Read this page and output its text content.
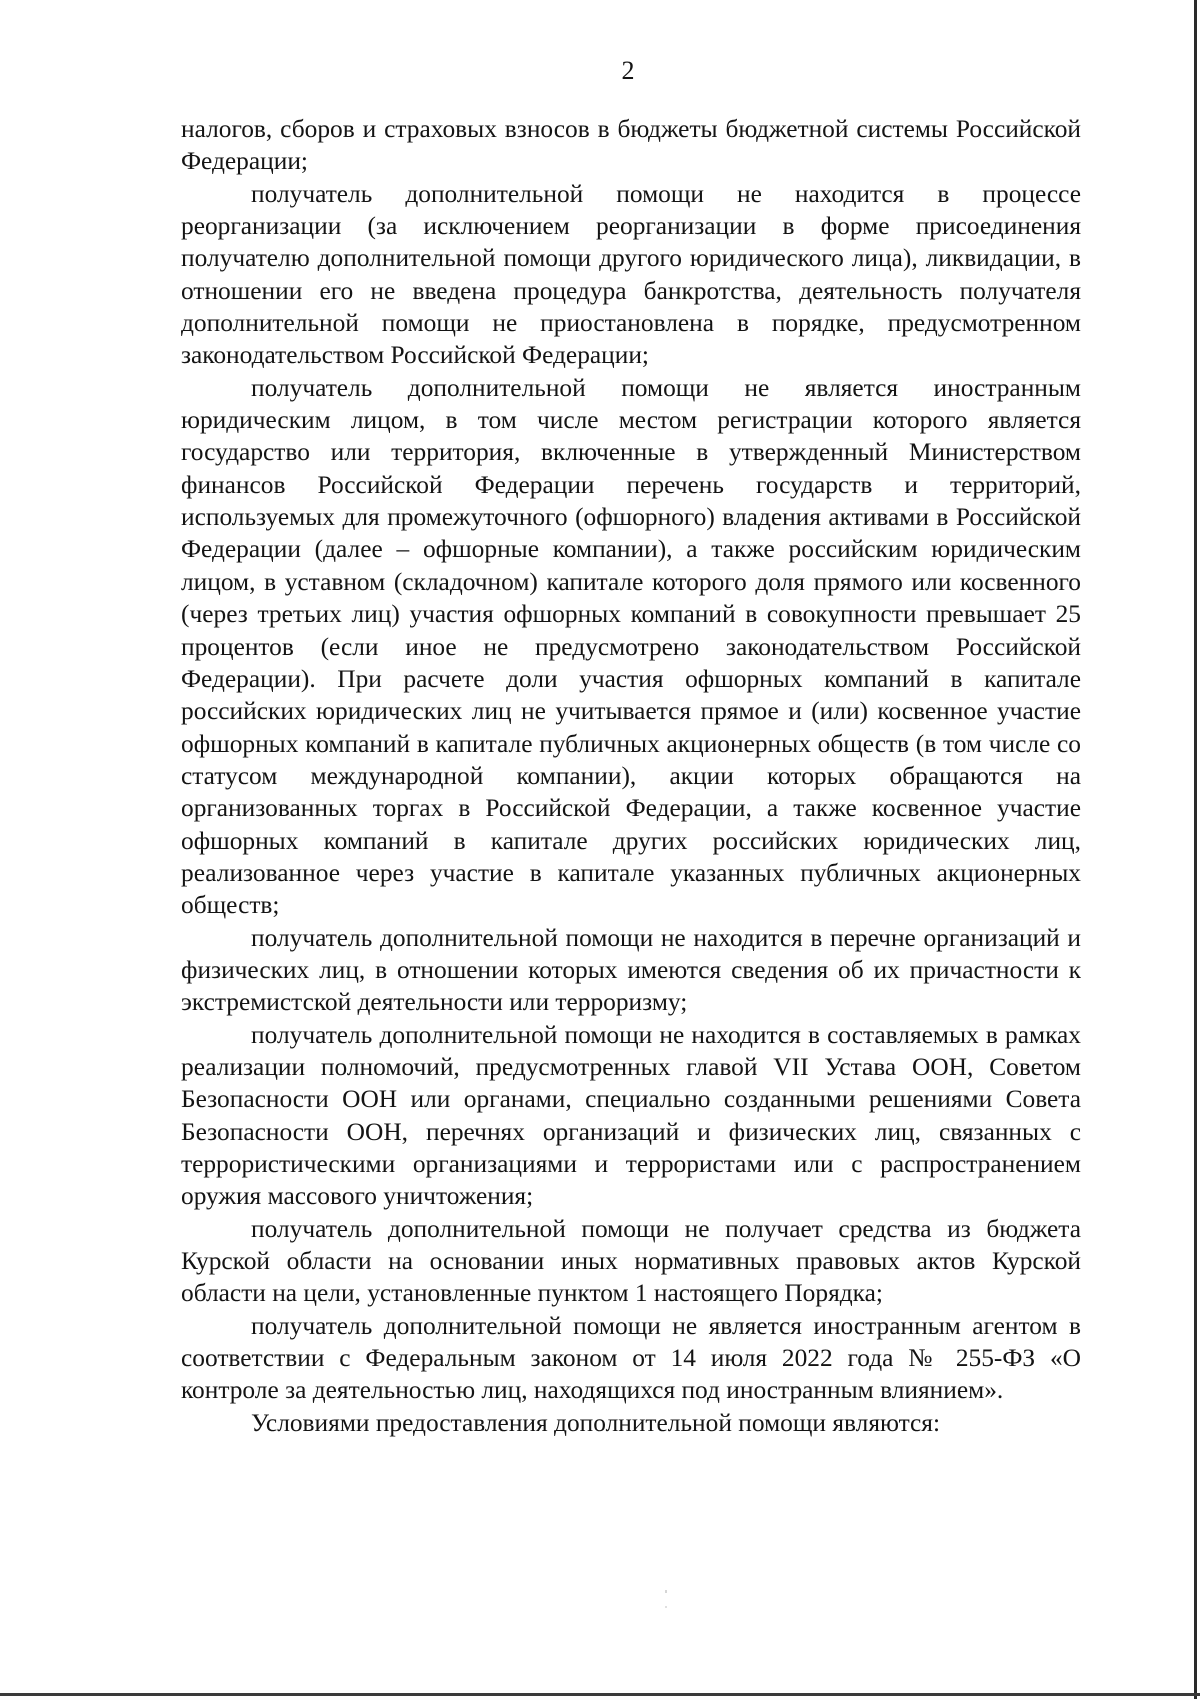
2

налогов, сборов и страховых взносов в бюджеты бюджетной системы Российской Федерации;

получатель дополнительной помощи не находится в процессе реорганизации (за исключением реорганизации в форме присоединения получателю дополнительной помощи другого юридического лица), ликвидации, в отношении его не введена процедура банкротства, деятельность получателя дополнительной помощи не приостановлена в порядке, предусмотренном законодательством Российской Федерации;

получатель дополнительной помощи не является иностранным юридическим лицом, в том числе местом регистрации которого является государство или территория, включенные в утвержденный Министерством финансов Российской Федерации перечень государств и территорий, используемых для промежуточного (офшорного) владения активами в Российской Федерации (далее – офшорные компании), а также российским юридическим лицом, в уставном (складочном) капитале которого доля прямого или косвенного (через третьих лиц) участия офшорных компаний в совокупности превышает 25 процентов (если иное не предусмотрено законодательством Российской Федерации). При расчете доли участия офшорных компаний в капитале российских юридических лиц не учитывается прямое и (или) косвенное участие офшорных компаний в капитале публичных акционерных обществ (в том числе со статусом международной компании), акции которых обращаются на организованных торгах в Российской Федерации, а также косвенное участие офшорных компаний в капитале других российских юридических лиц, реализованное через участие в капитале указанных публичных акционерных обществ;

получатель дополнительной помощи не находится в перечне организаций и физических лиц, в отношении которых имеются сведения об их причастности к экстремистской деятельности или терроризму;

получатель дополнительной помощи не находится в составляемых в рамках реализации полномочий, предусмотренных главой VII Устава ООН, Советом Безопасности ООН или органами, специально созданными решениями Совета Безопасности ООН, перечнях организаций и физических лиц, связанных с террористическими организациями и террористами или с распространением оружия массового уничтожения;

получатель дополнительной помощи не получает средства из бюджета Курской области на основании иных нормативных правовых актов Курской области на цели, установленные пунктом 1 настоящего Порядка;

получатель дополнительной помощи не является иностранным агентом в соответствии с Федеральным законом от 14 июля 2022 года № 255-ФЗ «О контроле за деятельностью лиц, находящихся под иностранным влиянием».

Условиями предоставления дополнительной помощи являются:
